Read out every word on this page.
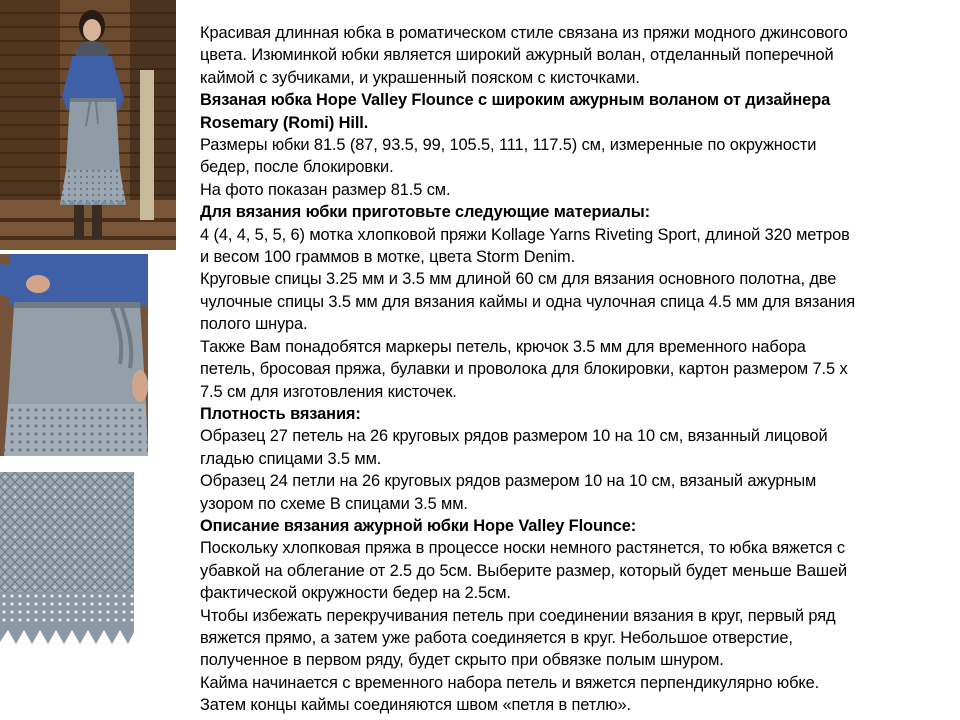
Красивая длинная юбка в роматическом стиле связана из пряжи модного джинсового
цвета. Изюминкой юбки является широкий ажурный волан, отделанный поперечной
каймой с зубчиками, и украшенный пояском с кисточками.

Вязаная юбка Hope Valley Flounce с широким ажурным воланом от дизайнера
Rosemary (Romi) Hill.

Размеры юбки 81.5 (87, 93.5, 99, 105.5, 111, 117.5) см, измеренные по окружности
бедер, после блокировки.

На фото показан размер 81.5 см.

Для вязания юбки приготовьте следующие материалы:

4 (4, 4, 5, 5, 6) мотка хлопковой пряжи Kollage Yarns Riveting Sport, длиной 320 метров
и весом 100 граммов в мотке, цвета Storm Denim.

Круговые спицы 3.25 мм и 3.5 мм длиной 60 см для вязания основного полотна, две
чулочные спицы 3.5 мм для вязания каймы и одна чулочная спица 4.5 мм для вязания
полого шнура.

Также Вам понадобятся маркеры петель, крючок 3.5 мм для временного набора
петель, бросовая пряжа, булавки и проволока для блокировки, картон размером 7.5 х
7.5 см для изготовления кисточек.

Плотность вязания:

Образец 27 петель на 26 круговых рядов размером 10 на 10 см, вязанный лицовой
гладью спицами 3.5 мм.

Образец 24 петли на 26 круговых рядов размером 10 на 10 см, вязаный ажурным
узором по схеме B спицами 3.5 мм.

Описание вязания ажурной юбки Hope Valley Flounce:

Поскольку хлопковая пряжа в процессе носки немного растянется, то юбка вяжется с
убавкой на облегание от 2.5 до 5см. Выберите размер, который будет меньше Вашей
фактической окружности бедер на 2.5см.

Чтобы избежать перекручивания петель при соединении вязания в круг, первый ряд
вяжется прямо, а затем уже работа соединяется в круг. Небольшое отверстие,
полученное в первом ряду, будет скрыто при обвязке полым шнуром.

Кайма начинается с временного набора петель и вяжется перпендикулярно юбке.
Затем концы каймы соединяются швом «петля в петлю».
